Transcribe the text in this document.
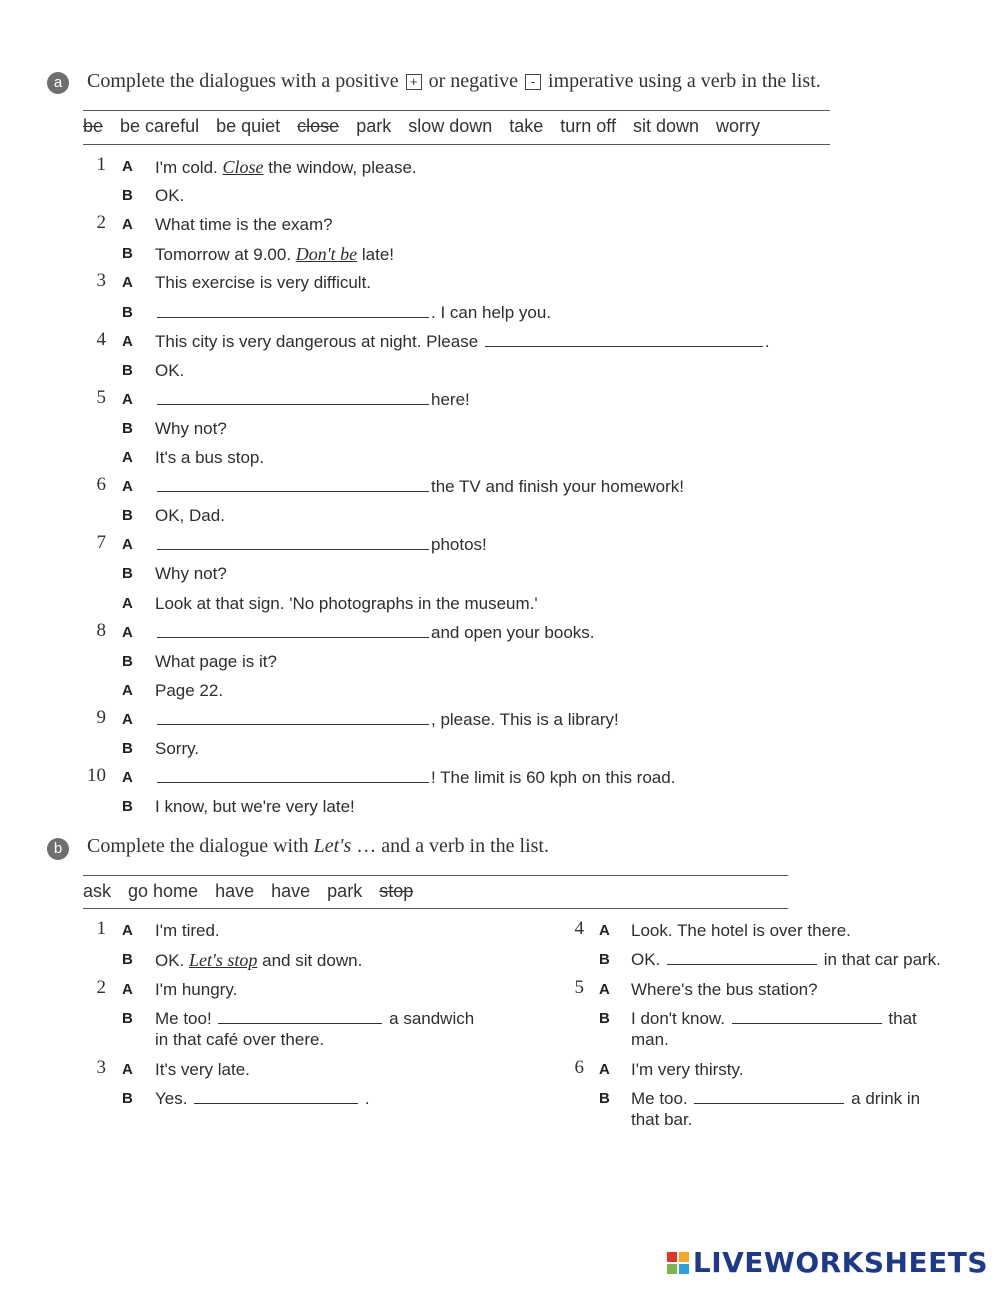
a	Complete the dialogues with a positive + or negative - imperative using a verb in the list.
be be careful be quiet close park slow down take turn off sit down worry
1 A I'm cold. Close the window, please.
B OK.
2 A What time is the exam?
B Tomorrow at 9.00. Don't be late!
3 A This exercise is very difficult.
B	. I can help you.
4 A This city is very dangerous at night. Please	.
B OK.
5 A	here!
B Why not?
A It's a bus stop.
6 A	the TV and finish your homework!
B OK, Dad.
7 A	photos!
B Why not?
A Look at that sign. 'No photographs in the museum.'
8 A	and open your books.
B What page is it?
A Page 22.
9 A	, please. This is a library!
B Sorry.
10 A	! The limit is 60 kph on this road.
B I know, but we're very late!
b	Complete the dialogue with Let's … and a verb in the list.
ask go home have have park stop
1 A I'm tired.
B OK. Let's stop and sit down.
2 A I'm hungry.
B Me too!	a sandwich
in that café over there.
3 A It's very late.
B Yes.	.
4 A Look. The hotel is over there.
B OK.	in that car park.
5 A Where's the bus station?
B I don't know.	that
man.
6 A I'm very thirsty.
B Me too.	a drink in
that bar.
LIVEWORKSHEETS
